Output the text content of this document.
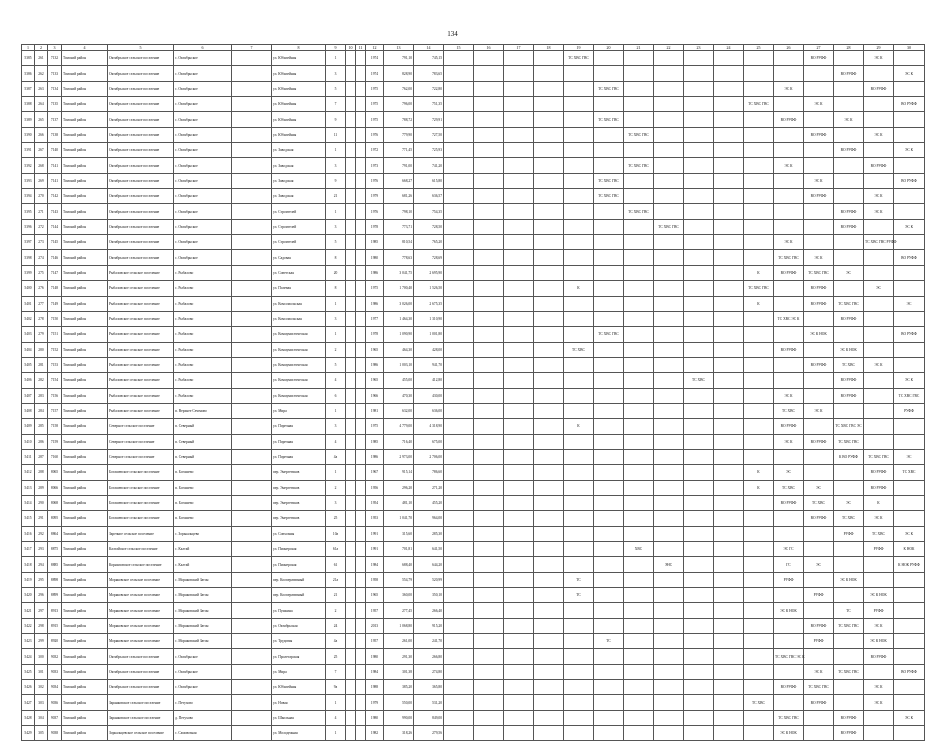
134
1	2	3	4	5	6	7	8	9	10	11	12	13	14	15	16	17	18	19	20	21	22	23	24	25	26	27	28	29	30
5385	261	7132	Томский район	Октябрьское сельское поселение	с. Октябрьское		ул. Юбилейная	1			1974	791,10	745,15					ТС ХВС ГВС								ВО РУФФ		ЭС К	
5386	262	7133	Томский район	Октябрьское сельское поселение	с. Октябрьское		ул. Юбилейная	3			1974	828,90	783,65														ВО РУФФ		ЭС К
5387	263	7134	Томский район	Октябрьское сельское поселение	с. Октябрьское		ул. Юбилейная	5			1975	762,00	722,80						ТС ХВС ГВС						ЭС К			ВО РУФФ	
5388	264	7135	Томский район	Октябрьское сельское поселение	с. Октябрьское		ул. Юбилейная	7			1975	796,00	751,35											ТС ХВС ГВС		ЭС К			ВО РУФФ
5389	265	7137	Томский район	Октябрьское сельское поселение	с. Октябрьское		ул. Юбилейная	9			1975	788,72	729,91						ТС ХВС ГВС						ВО РУФФ		ЭС К		
5390	266	7138	Томский район	Октябрьское сельское поселение	с. Октябрьское		ул. Юбилейная	11			1976	779,90	727,50							ТС ХВС ГВС						ВО РУФФ		ЭС К	
5391	267	7140	Томский район	Октябрьское сельское поселение	с. Октябрьское		ул. Заводская	1			1972	771,45	725,93														ВО РУФФ		ЭС К
5392	268	7141	Томский район	Октябрьское сельское поселение	с. Октябрьское		ул. Заводская	3			1973	791,00	741,20							ТС ХВС ГВС					ЭС К			ВО РУФФ	
5393	269	7141	Томский район	Октябрьское сельское поселение	с. Октябрьское		ул. Заводская	9			1976	668,27	615,80						ТС ХВС ГВС							ЭС К			ВО РУФФ
5394	270	7142	Томский район	Октябрьское сельское поселение	с. Октябрьское		ул. Заводская	21			1979	681,26	636,57						ТС ХВС ГВС							ВО РУФФ		ЭС К	
5395	271	7143	Томский район	Октябрьское сельское поселение	с. Октябрьское		ул. Строителей	1			1976	798,10	754,35							ТС ХВС ГВС							ВО РУФФ	ЭС К	
5396	272	7144	Томский район	Октябрьское сельское поселение	с. Октябрьское		ул. Строителей	3			1978	773,71	728,50								ТС ХВС ГВС						ВО РУФФ		ЭС К
5397	273	7145	Томский район	Октябрьское сельское поселение	с. Октябрьское		ул. Строителей	5			1985	810,54	765,20												ЭС К			ТС ХВС ГВС РУФФ	
5398	274	7146	Томский район	Октябрьское сельское поселение	с. Октябрьское		ул. Садовая	8			1980	778,63	728,69												ТС ХВС ГВС	ЭС К			ВО РУФФ
5399	275	7147	Томский район	Рыбаловское сельское поселение	с. Рыбалово		ул. Советская	20			1986	3 041,75	2 695,90											К	ВО РУФФ	ТС ХВС ГВС	ЭС		
5400	276	7148	Томский район	Рыбаловское сельское поселение	с. Рыбалово		ул. Полевая	8			1975	1 700,40	1 526,50					К						ТС ХВС ГВС		ВО РУФФ		ЭС	
5401	277	7149	Томский район	Рыбаловское сельское поселение	с. Рыбалово		ул. Комсомольская	1			1986	3 026,00	2 675,35											К		ВО РУФФ	ТС ХВС ГВС		ЭС
5402	278	7150	Томский район	Рыбаловское сельское поселение	с. Рыбалово		ул. Комсомольская	3			1977	1 464,30	1 310,90												ТС ХВС ЭС К		ВО РУФФ		
5403	279	7151	Томский район	Рыбаловское сельское поселение	с. Рыбалово		ул. Коммунистическая	1			1978	1 090,90	1 001,80						ТС ХВС ГВС							ЭС К НОК			ВО РУФФ
5404	280	7152	Томский район	Рыбаловское сельское поселение	с. Рыбалово		ул. Коммунистическая	2			1965	464,30	428,00					ТС ХВС							ВО РУФФ		ЭС К НОК		
5405	281	7153	Томский район	Рыбаловское сельское поселение	с. Рыбалово		ул. Коммунистическая	5			1986	1 003,10	941,70													ВО РУФФ	ТС ХВС	ЭС К	
5406	282	7154	Томский район	Рыбаловское сельское поселение	с. Рыбалово		ул. Коммунистическая	4			1965	455,00	412,80									ТС ХВС					ВО РУФФ		ЭС К
5407	283	7156	Томский район	Рыбаловское сельское поселение	с. Рыбалово		ул. Коммунистическая	6			1966	470,30	430,00												ЭС К		ВО РУФФ		ТС ХВС ГВС
5408	284	7157	Томский район	Рыбаловское сельское поселение	п. Верхнее Сеченово		ул. Мира	1			1981	632,00	636,00												ТС ХВС	ЭС К			РУФФ
5409	285	7158	Томский район	Северное сельское поселение	п. Северный		ул. Поречная	3			1975	4 779,00	4 318,90					К							ВО РУФФ		ТС ХВС ГВС ЭС		
5410	286	7159	Томский район	Северное сельское поселение	п. Северный		ул. Поречная	4			1985	716,40	675,00												ЭС К	ВО РУФФ	ТС ХВС ГВС		
5411	287	7160	Томский район	Северное сельское поселение	п. Северный		ул. Поречная	4а			1986	2 973,00	2 706,00														К ВО РУФФ	ТС ХВС ГВС	ЭС
5412	288	8065	Томский район	Богашевское сельское поселение	п. Богашево		пер. Энергетиков	1			1967	915,14	786,60											К	ЭС			ВО РУФФ	ТС ХВС
5413	289	8066	Томский район	Богашевское сельское поселение	п. Богашево		пер. Энергетиков	2			1956	296,20	271,20											К	ТС ХВС	ЭС		ВО РУФФ	
5414	290	8068	Томский район	Богашевское сельское поселение	п. Богашево		пер. Энергетиков	3			1954	481,10	455,20												ВО РУФФ	ТС ХВС	ЭС	К	
5415	291	8095	Томский район	Богашевское сельское поселение	п. Богашево		пер. Энергетиков	25			1953	1 041,70	964,00													ВО РУФФ	ТС ХВС	ЭС К	
5416	292	8864	Томский район	Заречное сельское поселение	с. Зорькальцево		ул. Совхозная	10а			1991	315,60	285,30														РУФФ	ТС ХВС	ЭС К
5417	293	8875	Томский район	Калтайское сельское поселение	с. Калтай		ул. Пионерская	61а			1991	701,81	641,50							ХВС					ЭС ГС			РУФФ	К НОК
5418	294	8885	Томский район	Корниловское сельское поселение	с. Калтай		ул. Пионерская	61			1984	688,40	644,20								ЭНС				ГС	ЭС			К НОК РУФФ
5419	295	8898	Томский район	Моряковское сельское поселение	с. Моряковский Затон		пер. Кооперативный	21а			1958	554,79	520,99					ТС							РУФФ		ЭС К НОК		
5420	296	8899	Томский район	Моряковское сельское поселение	с. Моряковский Затон		пер. Кооперативный	21			1965	360,00	350,10					ТС								РУФФ		ЭС К НОК	
5421	297	8913	Томский район	Моряковское сельское поселение	с. Моряковский Затон		ул. Пушкина	2			1957	277,45	266,40												ЭС К НОК		ТС	РУФФ	
5422	298	8915	Томский район	Моряковское сельское поселение	с. Моряковский Затон		ул. Октябрьская	24			2013	1 068,80	915,20													ВО РУФФ	ТС ХВС ГВС	ЭС К	
5423	299	8920	Томский район	Моряковское сельское поселение	с. Моряковский Затон		ул. Трудовая	4а			1957	261,00	241,70						ТС							РУФФ		ЭС К НОК	
5424	300	9032	Томский район	Октябрьское сельское поселение	с. Октябрьское		ул. Пролетарская	25			1980	291,30	266,80												ТС ХВС ГВС ЭС К			ВО РУФФ	
5425	301	9033	Томский район	Октябрьское сельское поселение	с. Октябрьское		ул. Мира	7			1984	301,38	274,80													ЭС К	ТС ХВС ГВС		ВО РУФФ
5426	302	9034	Томский район	Октябрьское сельское поселение	с. Октябрьское		ул. Юбилейная	9а			1988	385,20	365,80												ВО РУФФ	ТС ХВС ГВС		ЭС К	
5427	303	9036	Томский район	Зарянковское сельское поселение	с. Петухово		ул. Новая	1			1979	550,00	531,20											ТС ХВС		ВО РУФФ		ЭС К	
5428	304	9037	Томский район	Зарянковское сельское поселение	д. Петухово		ул. Школьная	4			1980	990,00	849,00												ТС ХВС ГВС		ВО РУФФ		ЭС К
5429	305	9038	Томский район	Зоркальцевское сельское поселение	с. Самовозная		ул. Молодежная	1			1982	318,26	279,56												ЭС К НОК		ВО РУФФ		
